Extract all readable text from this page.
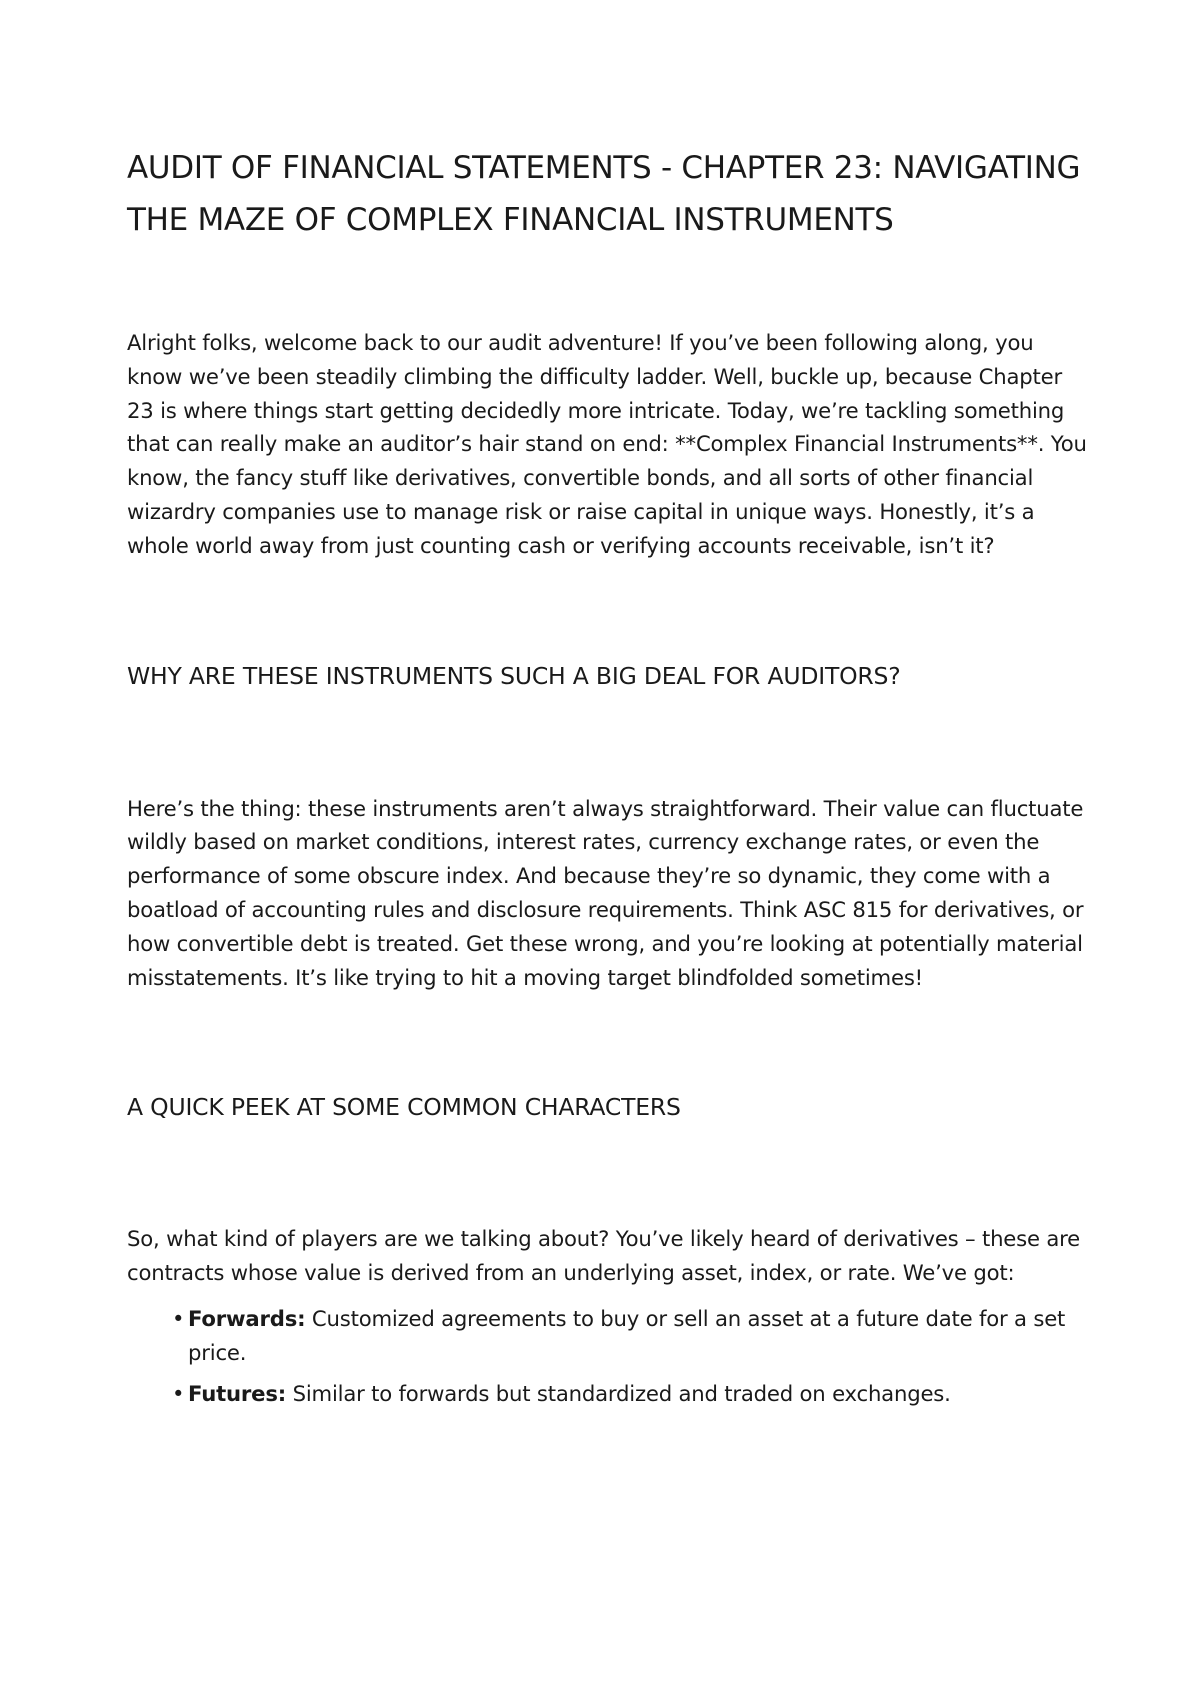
AUDIT OF FINANCIAL STATEMENTS - CHAPTER 23: NAVIGATING THE MAZE OF COMPLEX FINANCIAL INSTRUMENTS

Alright folks, welcome back to our audit adventure! If you’ve been following along, you know we’ve been steadily climbing the difficulty ladder. Well, buckle up, because Chapter 23 is where things start getting decidedly more intricate. Today, we’re tackling something that can really make an auditor’s hair stand on end: **Complex Financial Instruments**. You know, the fancy stuff like derivatives, convertible bonds, and all sorts of other financial wizardry companies use to manage risk or raise capital in unique ways. Honestly, it’s a whole world away from just counting cash or verifying accounts receivable, isn’t it?

WHY ARE THESE INSTRUMENTS SUCH A BIG DEAL FOR AUDITORS?

Here’s the thing: these instruments aren’t always straightforward. Their value can fluctuate wildly based on market conditions, interest rates, currency exchange rates, or even the performance of some obscure index. And because they’re so dynamic, they come with a boatload of accounting rules and disclosure requirements. Think ASC 815 for derivatives, or how convertible debt is treated. Get these wrong, and you’re looking at potentially material misstatements. It’s like trying to hit a moving target blindfolded sometimes!

A QUICK PEEK AT SOME COMMON CHARACTERS

So, what kind of players are we talking about? You’ve likely heard of derivatives – these are contracts whose value is derived from an underlying asset, index, or rate. We’ve got:

• Forwards: Customized agreements to buy or sell an asset at a future date for a set price.
• Futures: Similar to forwards but standardized and traded on exchanges.
